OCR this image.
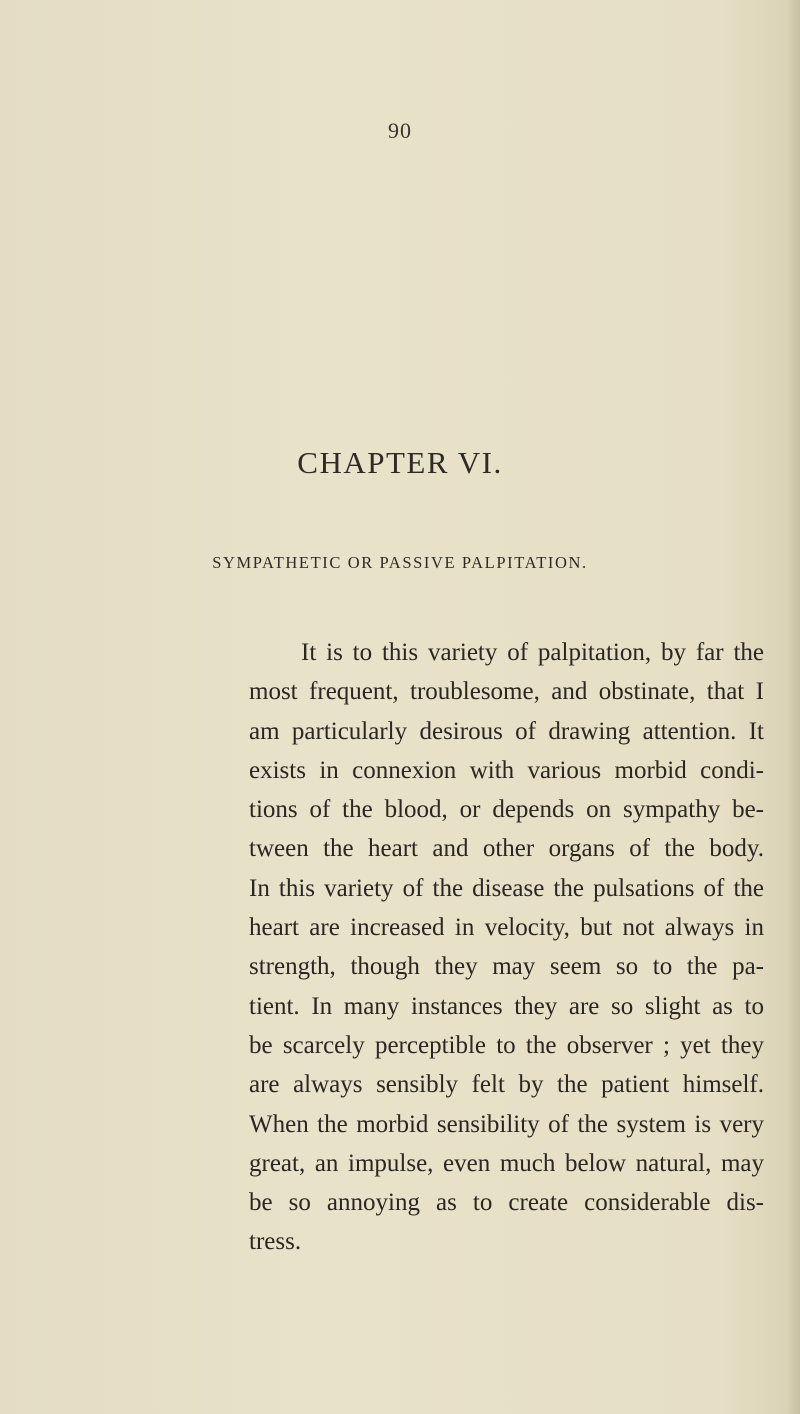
90
CHAPTER VI.
SYMPATHETIC OR PASSIVE PALPITATION.
It is to this variety of palpitation, by far the
most frequent, troublesome, and obstinate, that I
am particularly desirous of drawing attention. It
exists in connexion with various morbid condi-
tions of the blood, or depends on sympathy be-
tween the heart and other organs of the body.
In this variety of the disease the pulsations of the
heart are increased in velocity, but not always in
strength, though they may seem so to the pa-
tient. In many instances they are so slight as to
be scarcely perceptible to the observer ; yet they
are always sensibly felt by the patient himself.
When the morbid sensibility of the system is very
great, an impulse, even much below natural, may
be so annoying as to create considerable dis-
tress.
